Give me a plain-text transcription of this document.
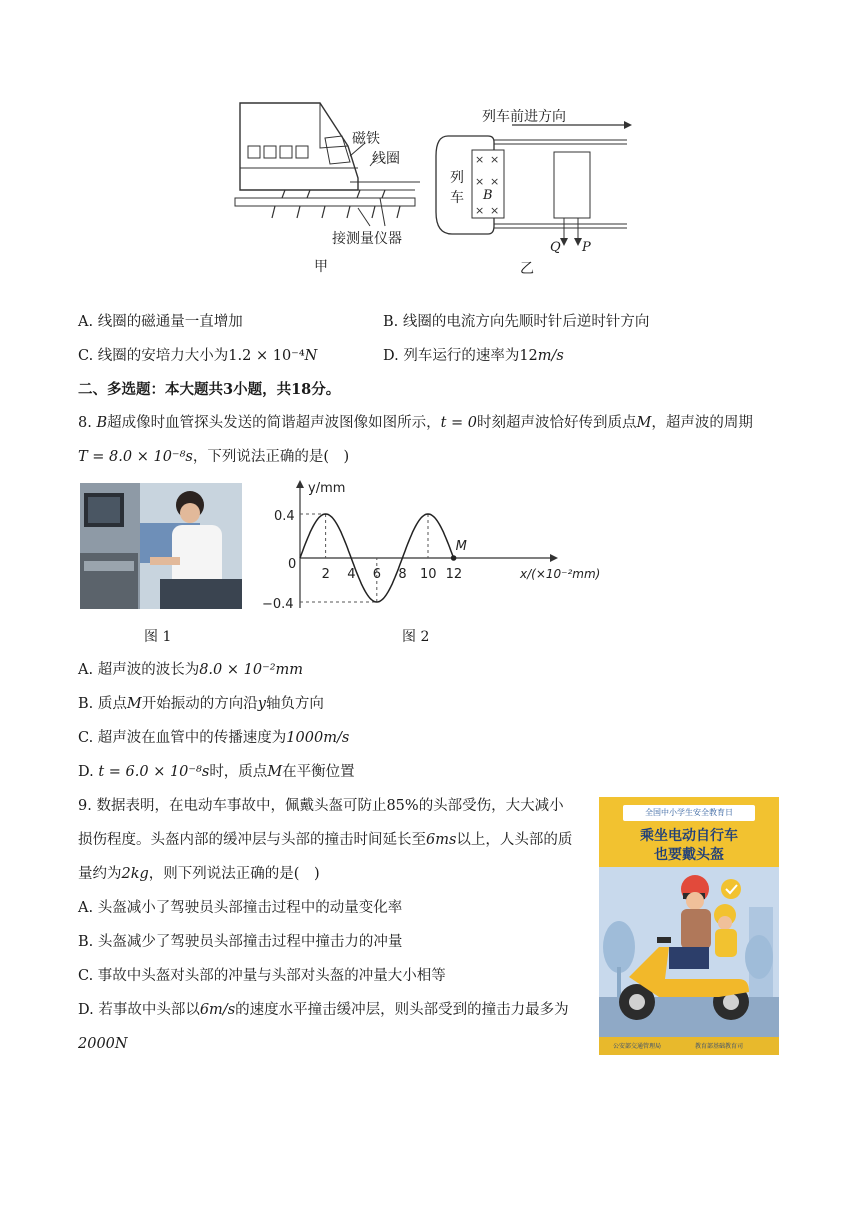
磁铁
线圈
接测量仪器
甲
× ×
× ×
× ×
列车前进方向
列车 B
Q P
乙
A. 线圈的磁通量一直增加	B. 线圈的电流方向先顺时针后逆时针方向
C. 线圈的安培力大小为1.2 × 10⁻⁴N	D. 列车运行的速率为12m/s
二、多选题：本大题共3小题，共18分。
8. B超成像时血管探头发送的简谐超声波图像如图所示，t = 0时刻超声波恰好传到质点M，超声波的周期
T = 8.0 × 10⁻⁸s，下列说法正确的是(　)
图 1
y/mm
x/(×10⁻²mm)
0
0.4
−0.4
2 4 6 8 10 12
M
图 2
A. 超声波的波长为8.0 × 10⁻²mm
B. 质点M开始振动的方向沿y轴负方向
C. 超声波在血管中的传播速度为1000m/s
D. t = 6.0 × 10⁻⁸s时，质点M在平衡位置
9. 数据表明，在电动车事故中，佩戴头盔可防止85%的头部受伤，大大减小
损伤程度。头盔内部的缓冲层与头部的撞击时间延长至6ms以上，人头部的质
量约为2kg，则下列说法正确的是(　)
A. 头盔减小了驾驶员头部撞击过程中的动量变化率
B. 头盔减少了驾驶员头部撞击过程中撞击力的冲量
C. 事故中头盔对头部的冲量与头部对头盔的冲量大小相等
D. 若事故中头部以6m/s的速度水平撞击缓冲层，则头部受到的撞击力最多为
2000N
全国中小学生安全教育日
乘坐电动自行车
也要戴头盔
公安部交通管理局	教育部基础教育司
